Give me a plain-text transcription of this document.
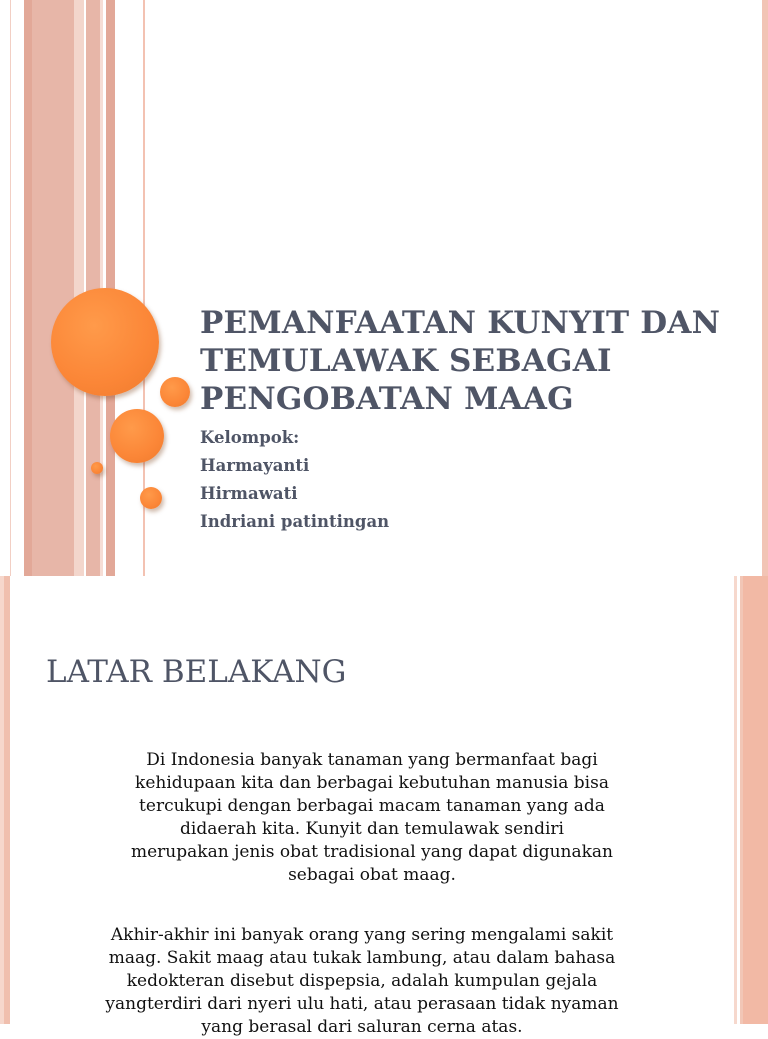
PEMANFAATAN KUNYIT DAN TEMULAWAK SEBAGAI PENGOBATAN MAAG
Kelompok:
Harmayanti
Hirmawati
Indriani patintingan
LATAR BELAKANG

Di Indonesia banyak tanaman yang bermanfaat bagi kehidupaan kita dan berbagai kebutuhan manusia bisa tercukupi dengan berbagai macam tanaman yang ada didaerah kita. Kunyit dan temulawak sendiri merupakan jenis obat tradisional yang dapat digunakan sebagai obat maag.

Akhir-akhir ini banyak orang yang sering mengalami sakit maag. Sakit maag atau tukak lambung, atau dalam bahasa kedokteran disebut dispepsia, adalah kumpulan gejala yangterdiri dari nyeri ulu hati, atau perasaan tidak nyaman yang berasal dari saluran cerna atas.
